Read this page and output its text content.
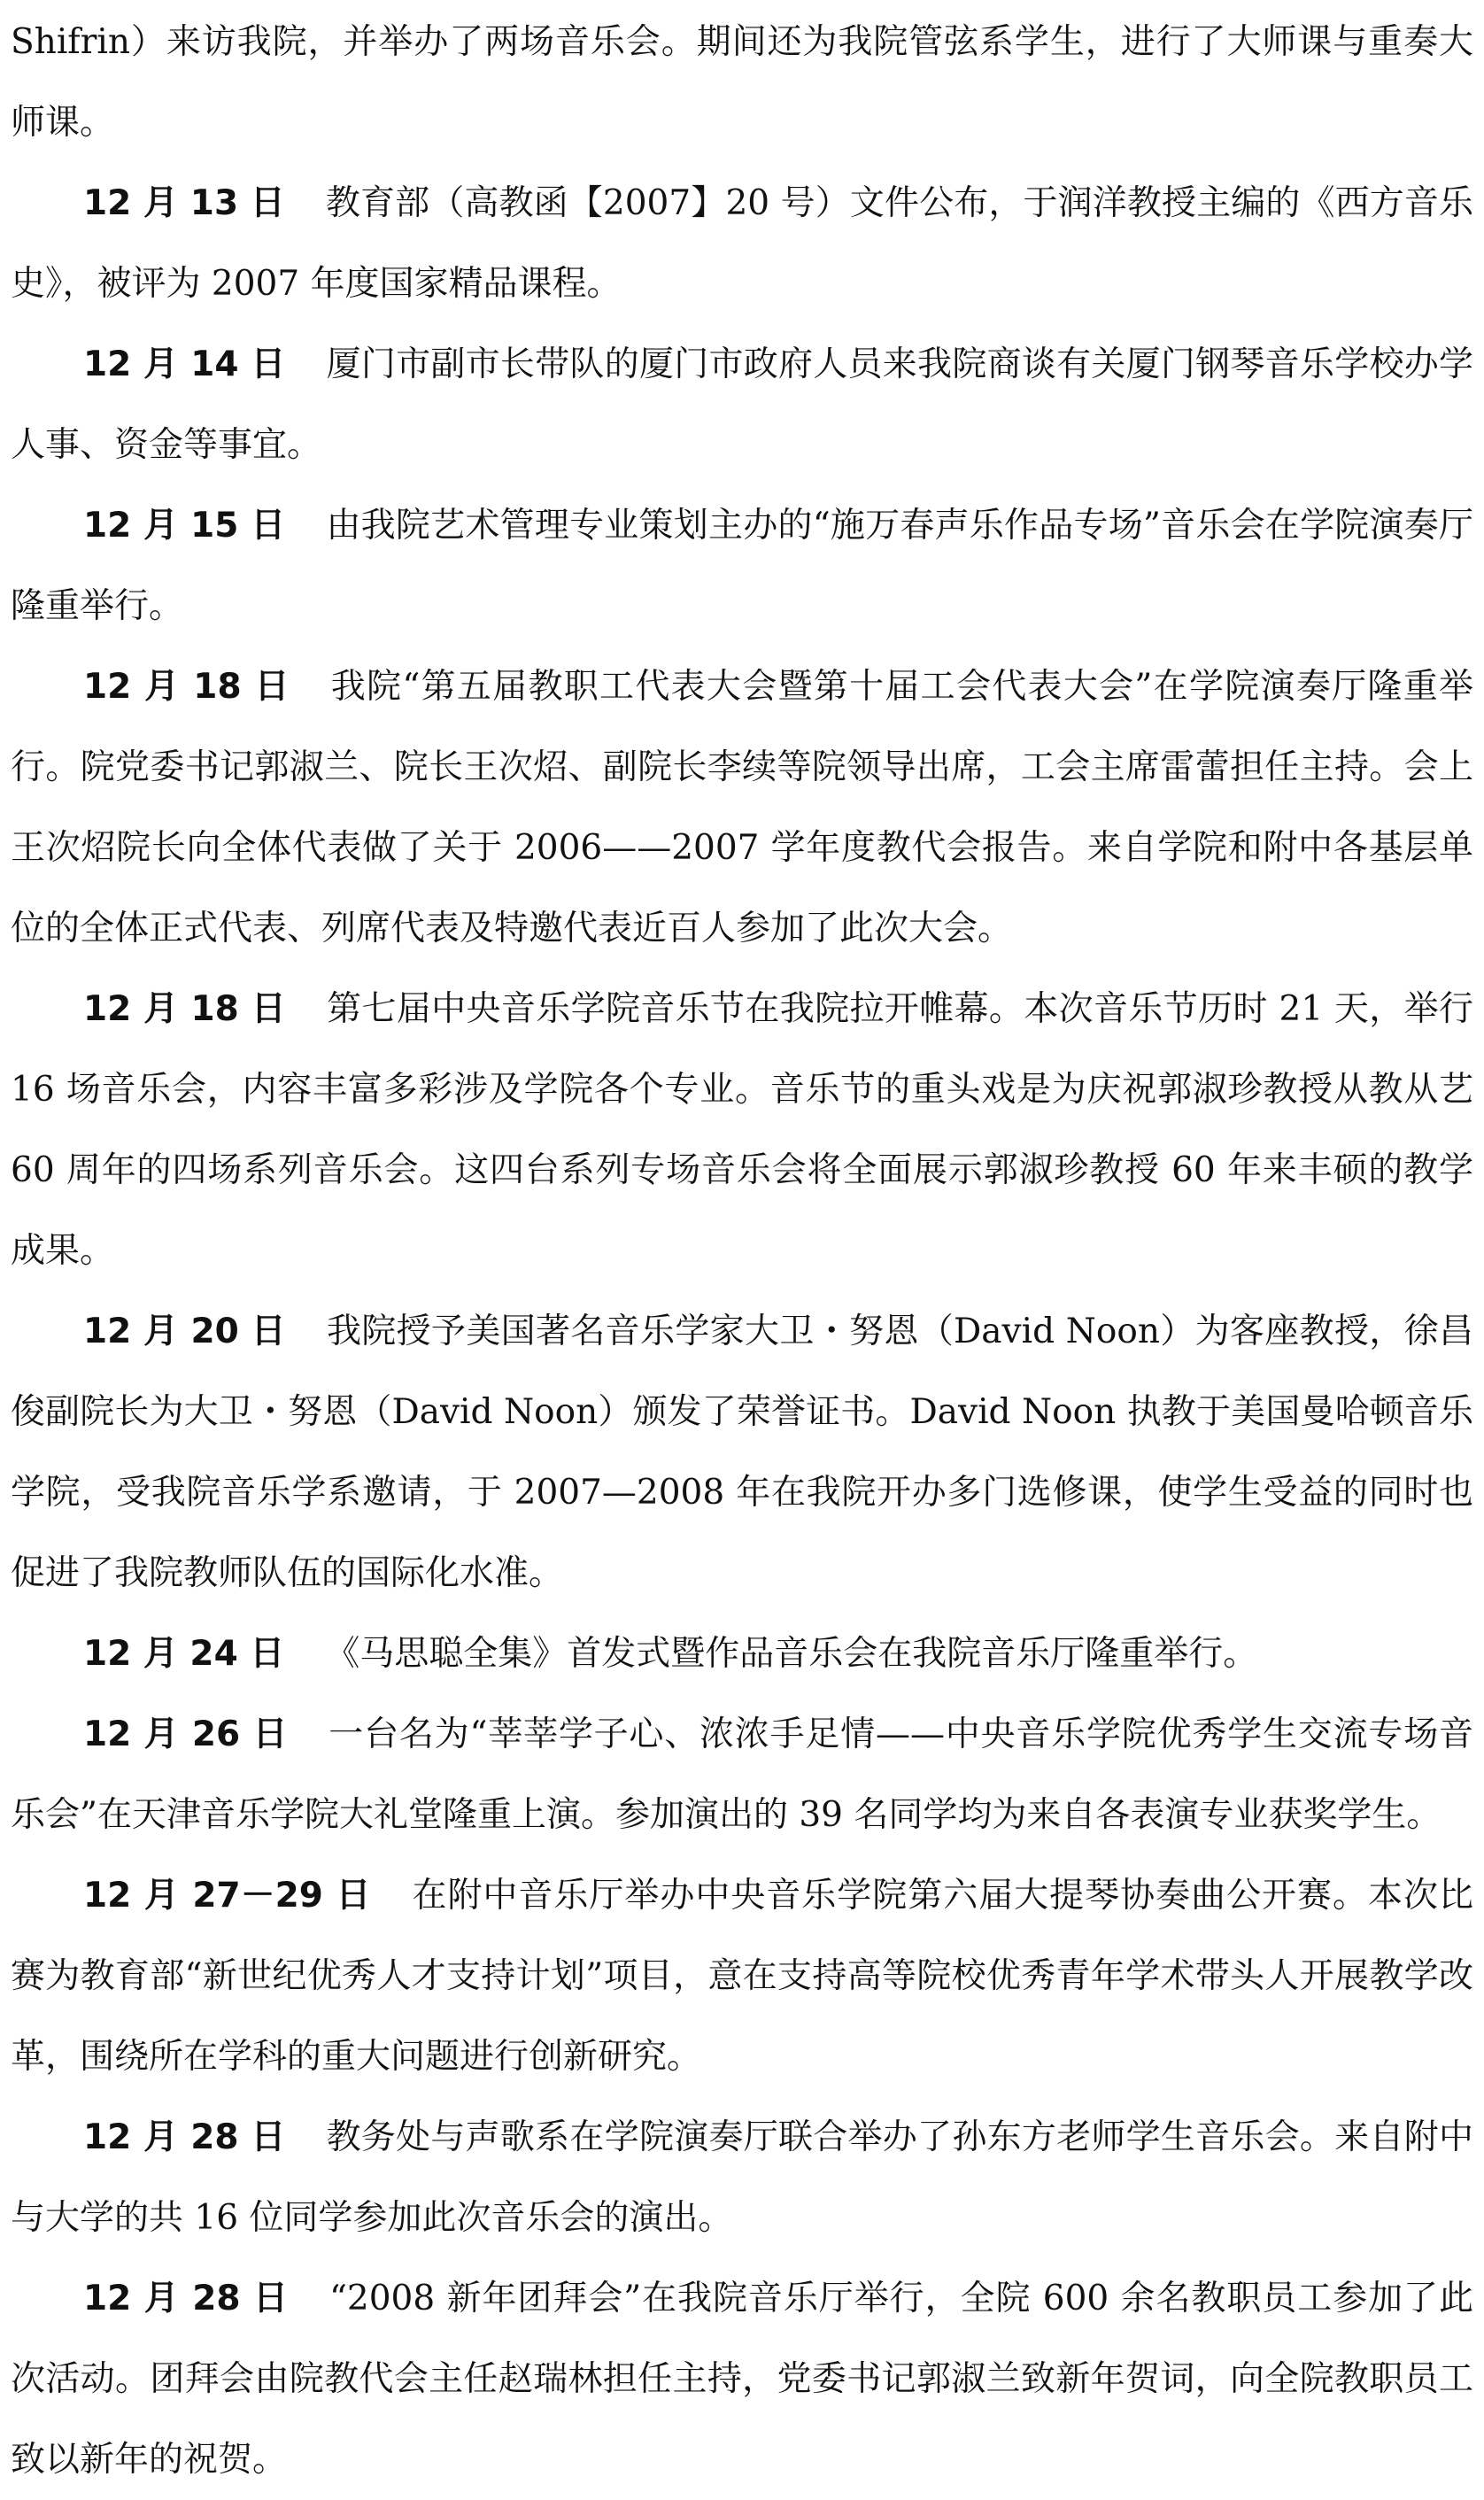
Shifrin）来访我院，并举办了两场音乐会。期间还为我院管弦系学生，进行了大师课与重奏大师课。

12 月 13 日 教育部（高教函【2007】20 号）文件公布，于润洋教授主编的《西方音乐史》，被评为 2007 年度国家精品课程。

12 月 14 日 厦门市副市长带队的厦门市政府人员来我院商谈有关厦门钢琴音乐学校办学人事、资金等事宜。

12 月 15 日 由我院艺术管理专业策划主办的“施万春声乐作品专场”音乐会在学院演奏厅隆重举行。

12 月 18 日 我院“第五届教职工代表大会暨第十届工会代表大会”在学院演奏厅隆重举行。院党委书记郭淑兰、院长王次炤、副院长李续等院领导出席，工会主席雷蕾担任主持。会上王次炤院长向全体代表做了关于 2006——2007 学年度教代会报告。来自学院和附中各基层单位的全体正式代表、列席代表及特邀代表近百人参加了此次大会。

12 月 18 日 第七届中央音乐学院音乐节在我院拉开帷幕。本次音乐节历时 21 天，举行 16 场音乐会，内容丰富多彩涉及学院各个专业。音乐节的重头戏是为庆祝郭淑珍教授从教从艺 60 周年的四场系列音乐会。这四台系列专场音乐会将全面展示郭淑珍教授 60 年来丰硕的教学成果。

12 月 20 日 我院授予美国著名音乐学家大卫・努恩（David Noon）为客座教授，徐昌俊副院长为大卫・努恩（David Noon）颁发了荣誉证书。David Noon 执教于美国曼哈顿音乐学院，受我院音乐学系邀请，于 2007—2008 年在我院开办多门选修课，使学生受益的同时也促进了我院教师队伍的国际化水准。

12 月 24 日 《马思聪全集》首发式暨作品音乐会在我院音乐厅隆重举行。

12 月 26 日 一台名为“莘莘学子心、浓浓手足情——中央音乐学院优秀学生交流专场音乐会”在天津音乐学院大礼堂隆重上演。参加演出的 39 名同学均为来自各表演专业获奖学生。

12 月 27－29 日 在附中音乐厅举办中央音乐学院第六届大提琴协奏曲公开赛。本次比赛为教育部“新世纪优秀人才支持计划”项目，意在支持高等院校优秀青年学术带头人开展教学改革，围绕所在学科的重大问题进行创新研究。

12 月 28 日 教务处与声歌系在学院演奏厅联合举办了孙东方老师学生音乐会。来自附中与大学的共 16 位同学参加此次音乐会的演出。

12 月 28 日 “2008 新年团拜会”在我院音乐厅举行，全院 600 余名教职员工参加了此次活动。团拜会由院教代会主任赵瑞林担任主持，党委书记郭淑兰致新年贺词，向全院教职员工致以新年的祝贺。
